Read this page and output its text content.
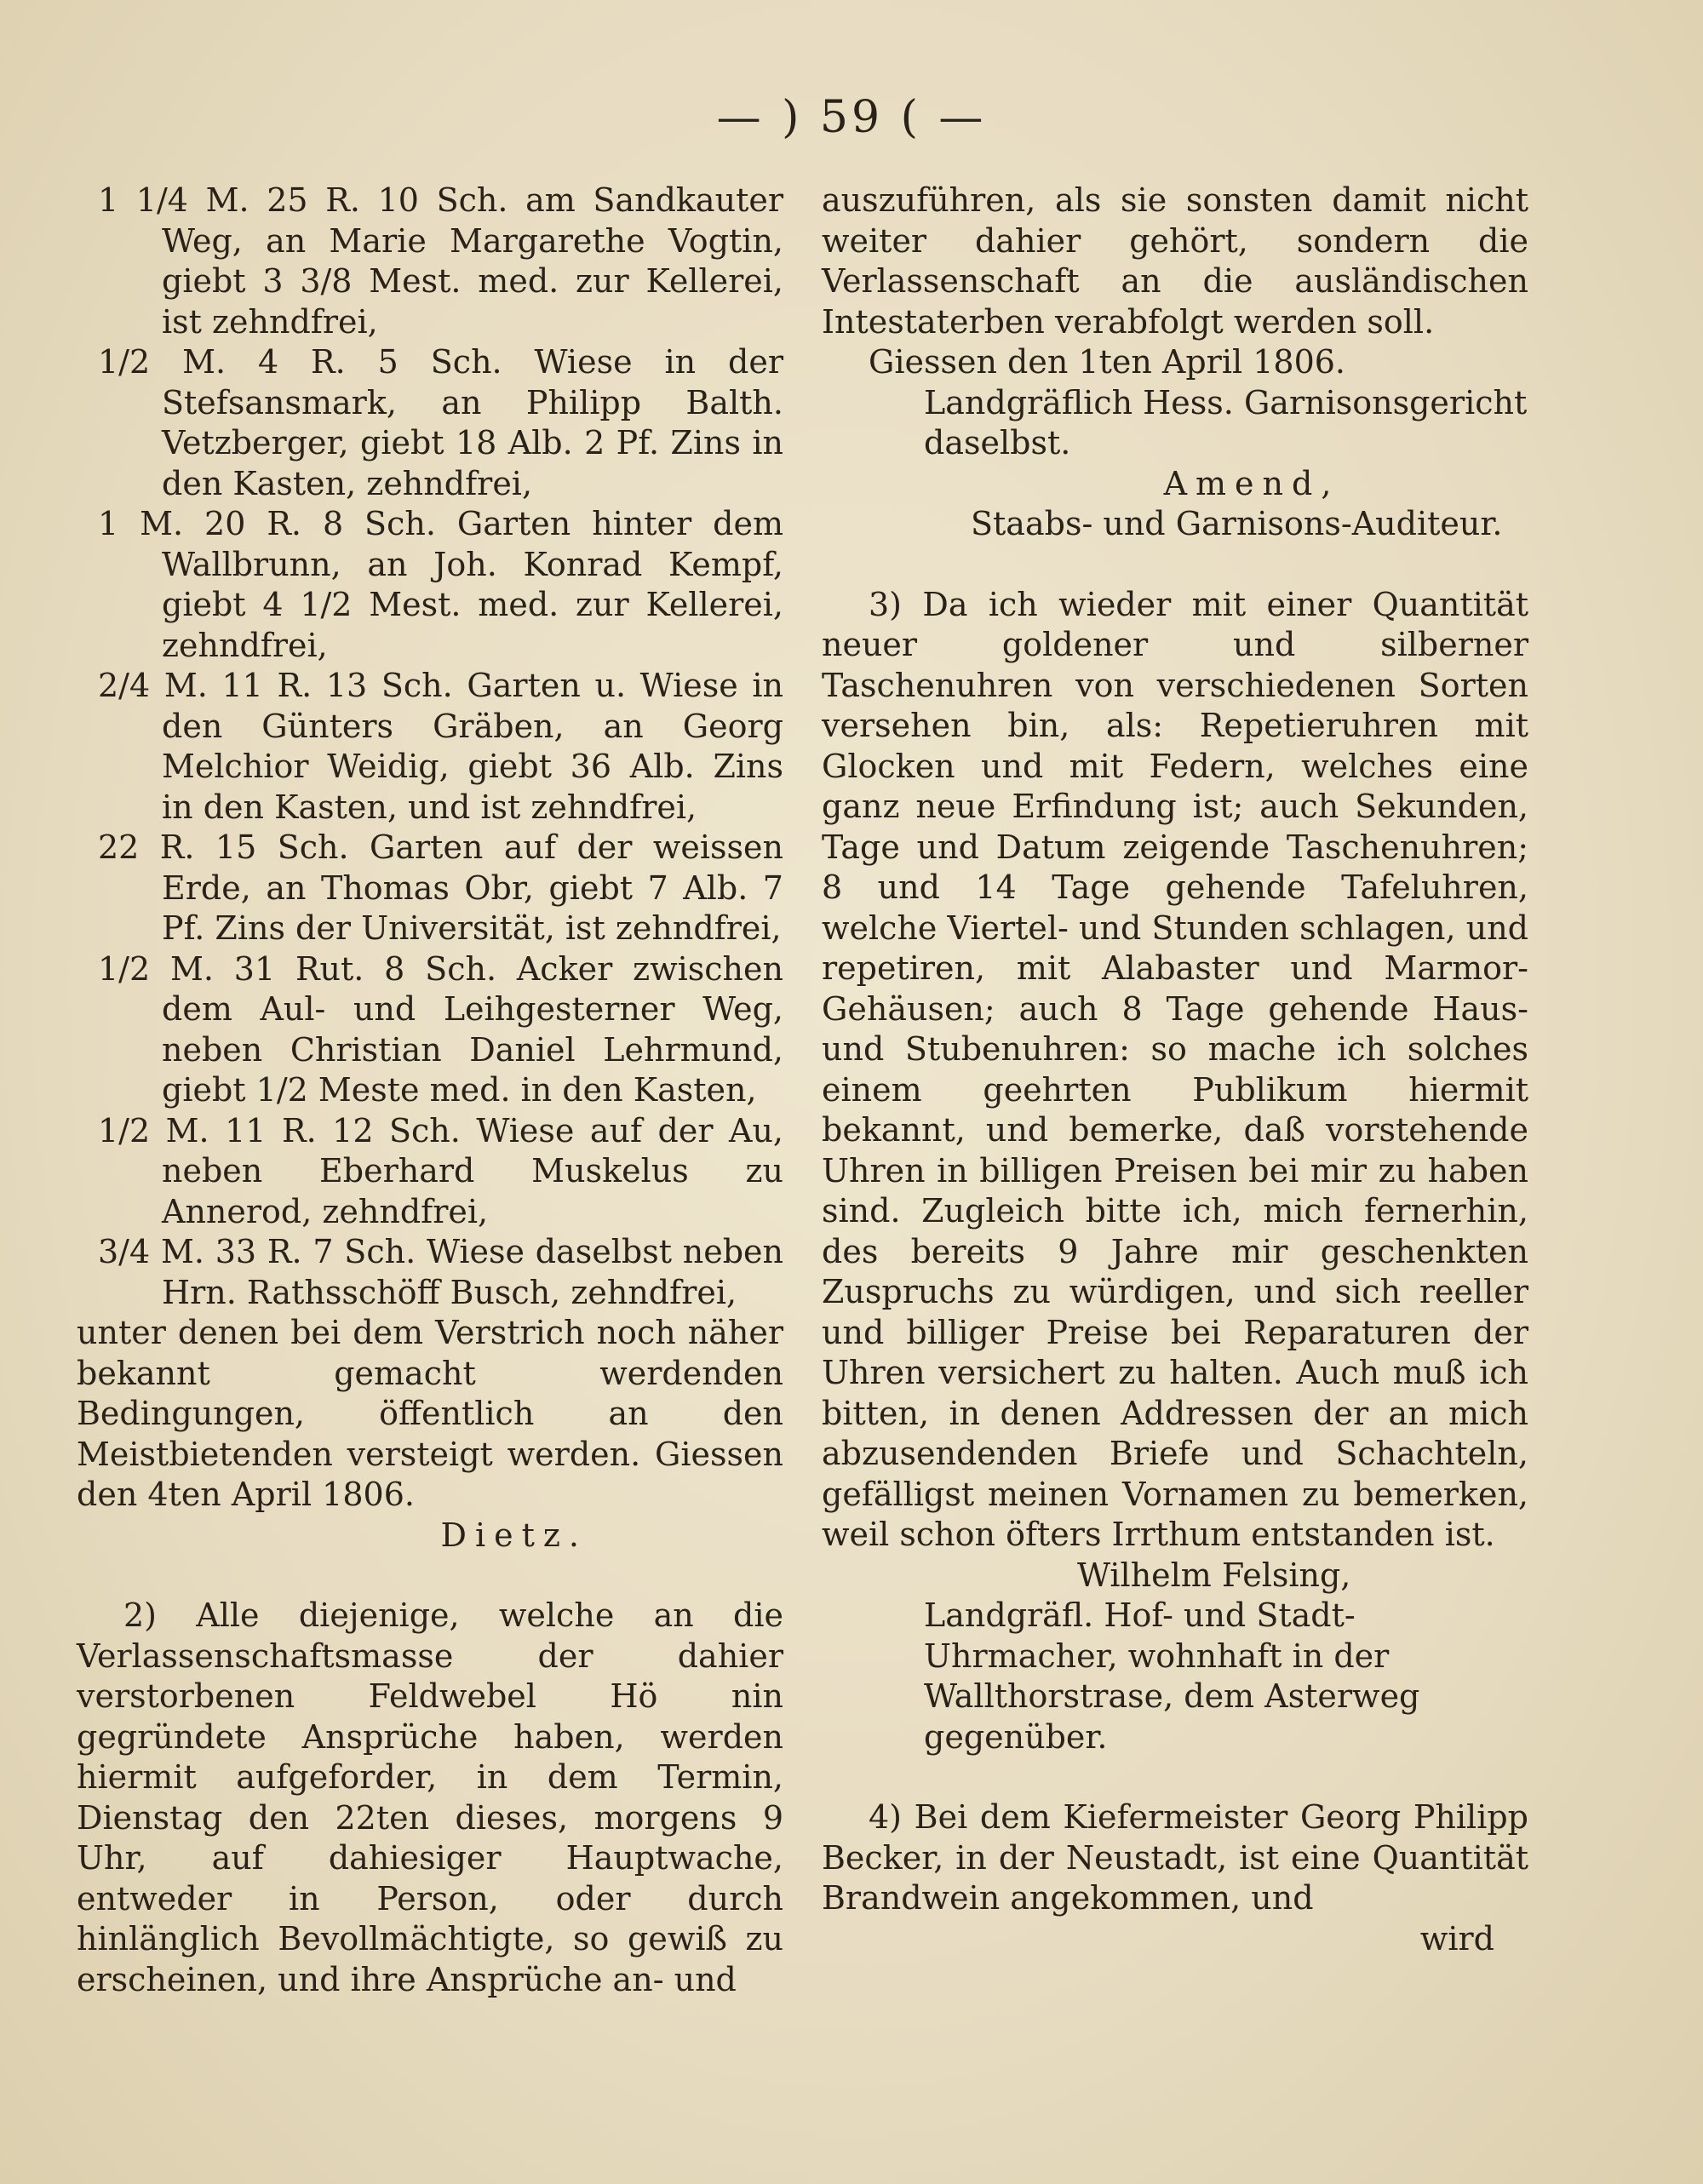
— ) 59 ( —
1 1/4 M. 25 R. 10 Sch. am Sandkauter Weg, an Marie Margarethe Vogtin, giebt 3 3/8 Mest. med. zur Kellerei, ist zehndfrei,
1/2 M. 4 R. 5 Sch. Wiese in der Stefsansmark, an Philipp Balth. Vetzberger, giebt 18 Alb. 2 Pf. Zins in den Kasten, zehndfrei,
1 M. 20 R. 8 Sch. Garten hinter dem Wallbrunn, an Joh. Konrad Kempf, giebt 4 1/2 Mest. med. zur Kellerei, zehndfrei,
2/4 M. 11 R. 13 Sch. Garten u. Wiese in den Günters Gräben, an Georg Melchior Weidig, giebt 36 Alb. Zins in den Kasten, und ist zehndfrei,
22 R. 15 Sch. Garten auf der weissen Erde, an Thomas Obr, giebt 7 Alb. 7 Pf. Zins der Universität, ist zehndfrei,
1/2 M. 31 Rut. 8 Sch. Acker zwischen dem Aul- und Leihgesterner Weg, neben Christian Daniel Lehrmund, giebt 1/2 Meste med. in den Kasten,
1/2 M. 11 R. 12 Sch. Wiese auf der Au, neben Eberhard Muskelus zu Annerod, zehndfrei,
3/4 M. 33 R. 7 Sch. Wiese daselbst neben Hrn. Rathsschöff Busch, zehndfrei,
unter denen bei dem Verstrich noch näher bekannt gemacht werdenden Bedingungen, öffentlich an den Meistbietenden versteigt werden. Giessen den 4ten April 1806.
Dietz.
2) Alle diejenige, welche an die Verlassenschaftsmasse der dahier verstorbenen Feldwebel Hö nin gegründete Ansprüche haben, werden hiermit aufgeforder, in dem Termin, Dienstag den 22ten dieses, morgens 9 Uhr, auf dahiesiger Hauptwache, entweder in Person, oder durch hinlänglich Bevollmächtigte, so gewiß zu erscheinen, und ihre Ansprüche an- und
auszuführen, als sie sonsten damit nicht weiter dahier gehört, sondern die Verlassenschaft an die ausländischen Intestaterben verabfolgt werden soll.
Giessen den 1ten April 1806.
Landgräflich Hess. Garnisonsgericht daselbst.
Amend,
Staabs- und Garnisons-Auditeur.
3) Da ich wieder mit einer Quantität neuer goldener und silberner Taschenuhren von verschiedenen Sorten versehen bin, als: Repetieruhren mit Glocken und mit Federn, welches eine ganz neue Erfindung ist; auch Sekunden, Tage und Datum zeigende Taschenuhren; 8 und 14 Tage gehende Tafeluhren, welche Viertel- und Stunden schlagen, und repetiren, mit Alabaster und Marmor-Gehäusen; auch 8 Tage gehende Haus- und Stubenuhren: so mache ich solches einem geehrten Publikum hiermit bekannt, und bemerke, daß vorstehende Uhren in billigen Preisen bei mir zu haben sind. Zugleich bitte ich, mich fernerhin, des bereits 9 Jahre mir geschenkten Zuspruchs zu würdigen, und sich reeller und billiger Preise bei Reparaturen der Uhren versichert zu halten. Auch muß ich bitten, in denen Addressen der an mich abzusendenden Briefe und Schachteln, gefälligst meinen Vornamen zu bemerken, weil schon öfters Irrthum entstanden ist.
Wilhelm Felsing,
Landgräfl. Hof- und Stadt-Uhrmacher, wohnhaft in der Wallthorstrase, dem Asterweg gegenüber.
4) Bei dem Kiefermeister Georg Philipp Becker, in der Neustadt, ist eine Quantität Brandwein angekommen, und
wird
